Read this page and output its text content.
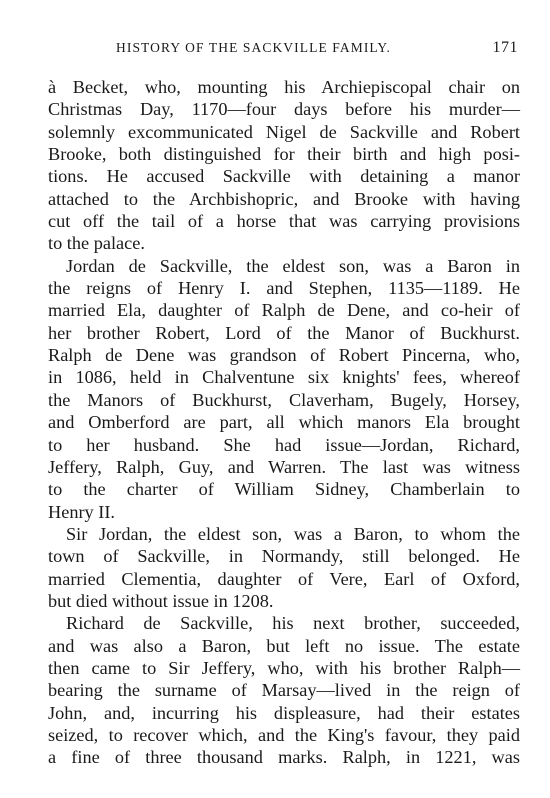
HISTORY OF THE SACKVILLE FAMILY.	171
à Becket, who, mounting his Archiepiscopal chair on
Christmas Day, 1170—four days before his murder—
solemnly excommunicated Nigel de Sackville and Robert
Brooke, both distinguished for their birth and high posi-
tions. He accused Sackville with detaining a manor
attached to the Archbishopric, and Brooke with having
cut off the tail of a horse that was carrying provisions
to the palace.
Jordan de Sackville, the eldest son, was a Baron in
the reigns of Henry I. and Stephen, 1135—1189. He
married Ela, daughter of Ralph de Dene, and co-heir of
her brother Robert, Lord of the Manor of Buckhurst.
Ralph de Dene was grandson of Robert Pincerna, who,
in 1086, held in Chalventune six knights' fees, whereof
the Manors of Buckhurst, Claverham, Bugely, Horsey,
and Omberford are part, all which manors Ela brought
to her husband. She had issue—Jordan, Richard,
Jeffery, Ralph, Guy, and Warren. The last was witness
to the charter of William Sidney, Chamberlain to
Henry II.
Sir Jordan, the eldest son, was a Baron, to whom the
town of Sackville, in Normandy, still belonged. He
married Clementia, daughter of Vere, Earl of Oxford,
but died without issue in 1208.
Richard de Sackville, his next brother, succeeded,
and was also a Baron, but left no issue. The estate
then came to Sir Jeffery, who, with his brother Ralph—
bearing the surname of Marsay—lived in the reign of
John, and, incurring his displeasure, had their estates
seized, to recover which, and the King's favour, they paid
a fine of three thousand marks. Ralph, in 1221, was
